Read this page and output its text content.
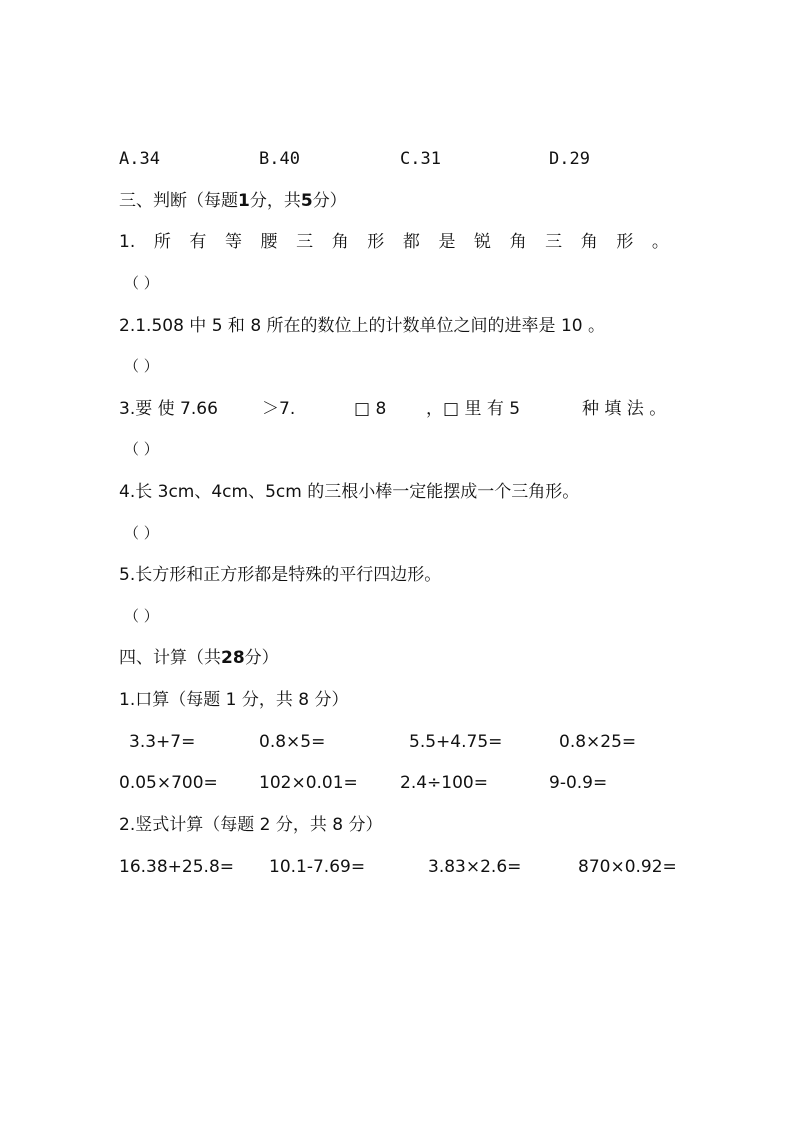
A.34	B.40	C.31	D.29
三、判断（每题1分，共5分）
1. 所 有 等 腰 三 角 形 都 是 锐 角 三 角 形 。
（ ）
2.1.508 中 5 和 8 所在的数位上的计数单位之间的进率是 10 。
（ ）
3.要 使 7.66	＞7.	□ 8 ，□ 里 有 5	种 填 法 。
（ ）
4.长 3cm、4cm、5cm 的三根小棒一定能摆成一个三角形。
（ ）
5.长方形和正方形都是特殊的平行四边形。
（ ）
四、计算（共28分）
1.口算（每题 1 分，共 8 分）
3.3+7=	0.8×5=	5.5+4.75=	0.8×25=
0.05×700= 102×0.01= 2.4÷100=	9-0.9=
2.竖式计算（每题 2 分，共 8 分）
16.38+25.8= 10.1-7.69=	3.83×2.6=	870×0.92=
